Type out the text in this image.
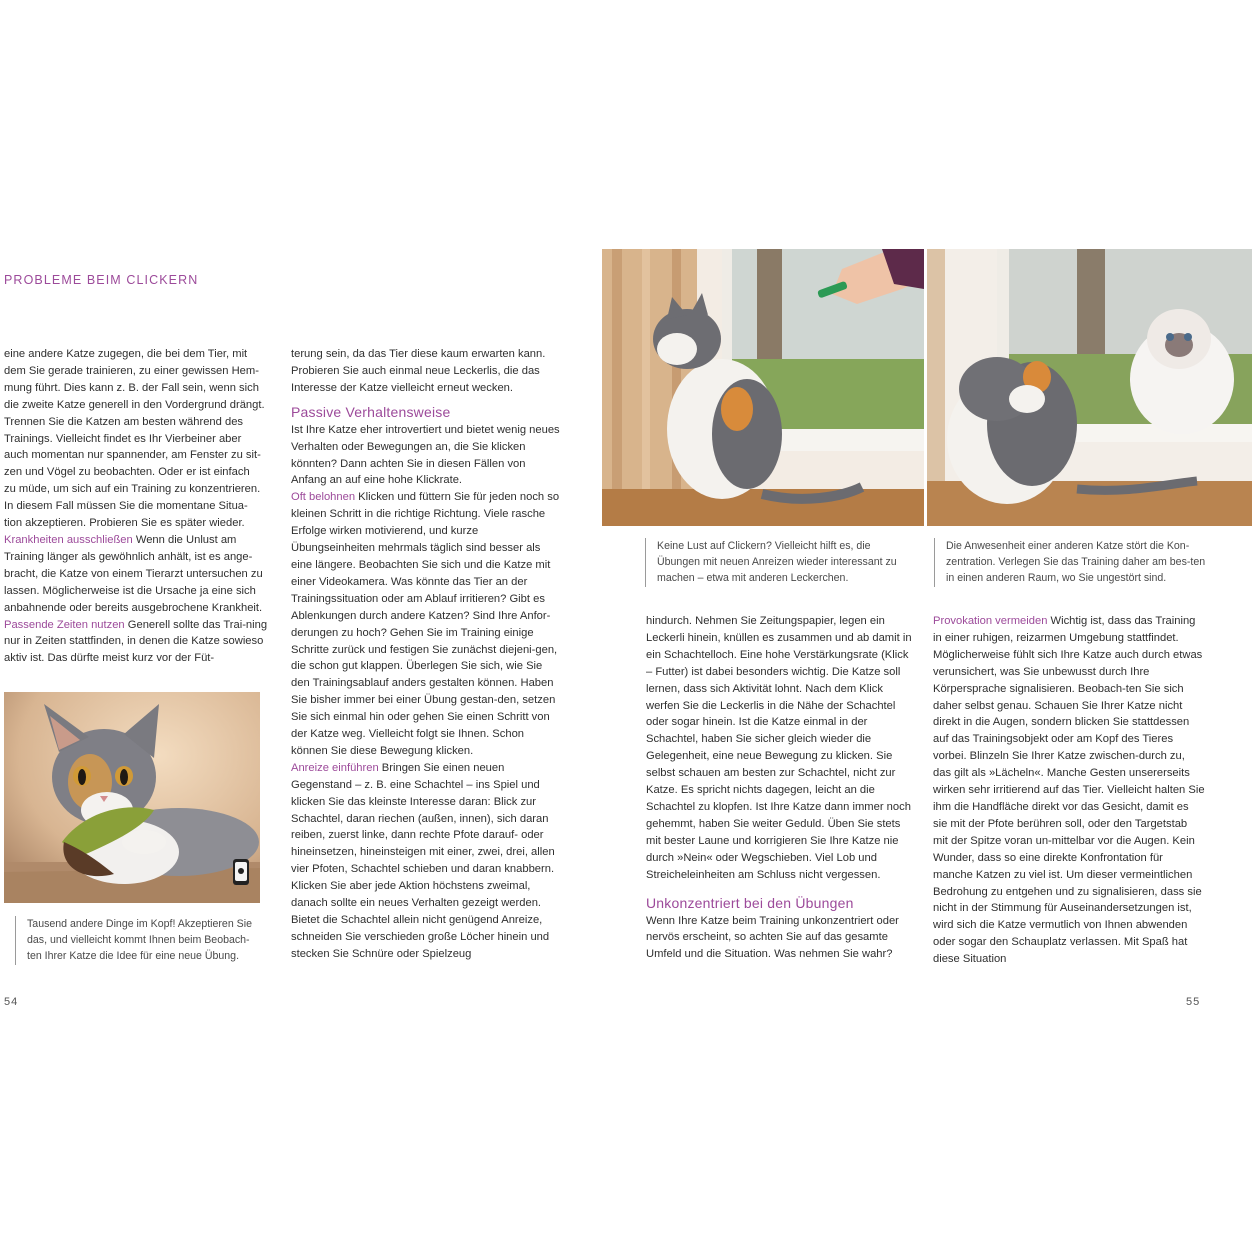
PROBLEME BEIM CLICKERN

eine andere Katze zugegen, die bei dem Tier, mit
dem Sie gerade trainieren, zu einer gewissen Hem-
mung führt. Dies kann z. B. der Fall sein, wenn sich
die zweite Katze generell in den Vordergrund drängt.
Trennen Sie die Katzen am besten während des
Trainings. Vielleicht findet es Ihr Vierbeiner aber
auch momentan nur spannender, am Fenster zu sit-
zen und Vögel zu beobachten. Oder er ist einfach
zu müde, um sich auf ein Training zu konzentrieren.
In diesem Fall müssen Sie die momentane Situa-
tion akzeptieren. Probieren Sie es später wieder.

Krankheiten ausschließen Wenn die Unlust am Training länger als gewöhnlich anhält, ist es ange-bracht, die Katze von einem Tierarzt untersuchen zu lassen. Möglicherweise ist die Ursache ja eine sich anbahnende oder bereits ausgebrochene Krankheit.

Passende Zeiten nutzen Generell sollte das Trai-ning nur in Zeiten stattfinden, in denen die Katze sowieso aktiv ist. Das dürfte meist kurz vor der Füt-

Tausend andere Dinge im Kopf! Akzeptieren Sie das, und vielleicht kommt Ihnen beim Beobach-ten Ihrer Katze die Idee für eine neue Übung.
54

terung sein, da das Tier diese kaum erwarten kann. Probieren Sie auch einmal neue Leckerlis, die das Interesse der Katze vielleicht erneut wecken.

Passive Verhaltensweise

Ist Ihre Katze eher introvertiert und bietet wenig neues Verhalten oder Bewegungen an, die Sie klicken könnten? Dann achten Sie in diesen Fällen von Anfang an auf eine hohe Klickrate.

Oft belohnen Klicken und füttern Sie für jeden noch so kleinen Schritt in die richtige Richtung. Viele rasche Erfolge wirken motivierend, und kurze Übungseinheiten mehrmals täglich sind besser als eine längere. Beobachten Sie sich und die Katze mit einer Videokamera. Was könnte das Tier an der Trainingssituation oder am Ablauf irritieren? Gibt es Ablenkungen durch andere Katzen? Sind Ihre Anfor-derungen zu hoch? Gehen Sie im Training einige Schritte zurück und festigen Sie zunächst diejeni-gen, die schon gut klappen. Überlegen Sie sich, wie Sie den Trainingsablauf anders gestalten können. Haben Sie bisher immer bei einer Übung gestan-den, setzen Sie sich einmal hin oder gehen Sie einen Schritt von der Katze weg. Vielleicht folgt sie Ihnen. Schon können Sie diese Bewegung klicken.

Anreize einführen Bringen Sie einen neuen Gegenstand – z. B. eine Schachtel – ins Spiel und klicken Sie das kleinste Interesse daran: Blick zur Schachtel, daran riechen (außen, innen), sich daran reiben, zuerst linke, dann rechte Pfote darauf- oder hineinsetzen, hineinsteigen mit einer, zwei, drei, allen vier Pfoten, Schachtel schieben und daran knabbern. Klicken Sie aber jede Aktion höchstens zweimal, danach sollte ein neues Verhalten gezeigt werden. Bietet die Schachtel allein nicht genügend Anreize, schneiden Sie verschieden große Löcher hinein und stecken Sie Schnüre oder Spielzeug

Keine Lust auf Clickern? Vielleicht hilft es, die Übungen mit neuen Anreizen wieder interessant zu machen – etwa mit anderen Leckerchen.
Die Anwesenheit einer anderen Katze stört die Kon-zentration. Verlegen Sie das Training daher am bes-ten in einen anderen Raum, wo Sie ungestört sind.

hindurch. Nehmen Sie Zeitungspapier, legen ein Leckerli hinein, knüllen es zusammen und ab damit in ein Schachtelloch. Eine hohe Verstärkungsrate (Klick – Futter) ist dabei besonders wichtig. Die Katze soll lernen, dass sich Aktivität lohnt. Nach dem Klick werfen Sie die Leckerlis in die Nähe der Schachtel oder sogar hinein. Ist die Katze einmal in der Schachtel, haben Sie sicher gleich wieder die Gelegenheit, eine neue Bewegung zu klicken. Sie selbst schauen am besten zur Schachtel, nicht zur Katze. Es spricht nichts dagegen, leicht an die Schachtel zu klopfen. Ist Ihre Katze dann immer noch gehemmt, haben Sie weiter Geduld. Üben Sie stets mit bester Laune und korrigieren Sie Ihre Katze nie durch »Nein« oder Wegschieben. Viel Lob und Streicheleinheiten am Schluss nicht vergessen.

Unkonzentriert bei den Übungen

Wenn Ihre Katze beim Training unkonzentriert oder nervös erscheint, so achten Sie auf das gesamte Umfeld und die Situation. Was nehmen Sie wahr?

Provokation vermeiden Wichtig ist, dass das Training in einer ruhigen, reizarmen Umgebung stattfindet. Möglicherweise fühlt sich Ihre Katze auch durch etwas verunsichert, was Sie unbewusst durch Ihre Körpersprache signalisieren. Beobach-ten Sie sich daher selbst genau. Schauen Sie Ihrer Katze nicht direkt in die Augen, sondern blicken Sie stattdessen auf das Trainingsobjekt oder am Kopf des Tieres vorbei. Blinzeln Sie Ihrer Katze zwischen-durch zu, das gilt als »Lächeln«. Manche Gesten unsererseits wirken sehr irritierend auf das Tier. Vielleicht halten Sie ihm die Handfläche direkt vor das Gesicht, damit es sie mit der Pfote berühren soll, oder den Targetstab mit der Spitze voran un-mittelbar vor die Augen. Kein Wunder, dass so eine direkte Konfrontation für manche Katzen zu viel ist. Um dieser vermeintlichen Bedrohung zu entgehen und zu signalisieren, dass sie nicht in der Stimmung für Auseinandersetzungen ist, wird sich die Katze vermutlich von Ihnen abwenden oder sogar den Schauplatz verlassen. Mit Spaß hat diese Situation

55
